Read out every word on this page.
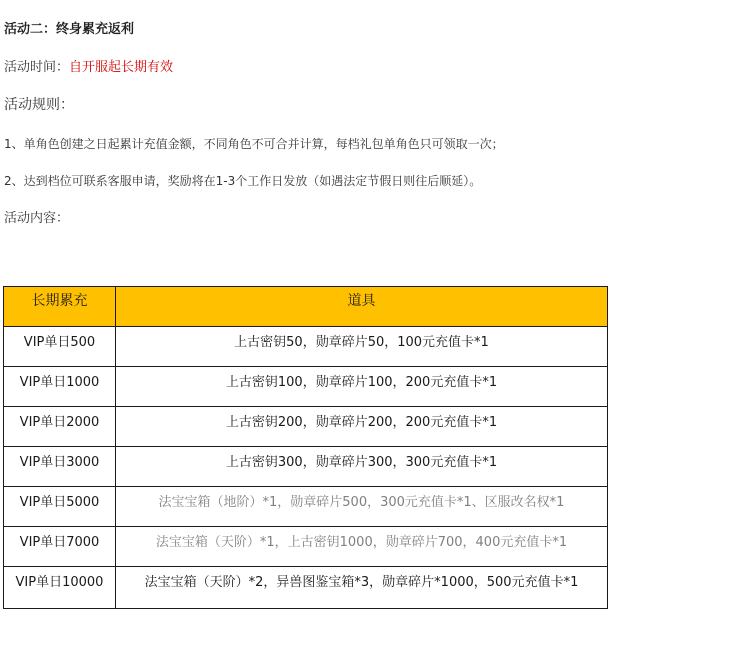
活动二：终身累充返利
活动时间：自开服起长期有效
活动规则：
1、单角色创建之日起累计充值金额，不同角色不可合并计算，每档礼包单角色只可领取一次；
2、达到档位可联系客服申请，奖励将在1-3个工作日发放（如遇法定节假日则往后顺延）。
活动内容：
长期累充	道具
VIP单日500	上古密钥50，勋章碎片50，100元充值卡*1
VIP单日1000	上古密钥100，勋章碎片100，200元充值卡*1
VIP单日2000	上古密钥200，勋章碎片200，200元充值卡*1
VIP单日3000	上古密钥300，勋章碎片300，300元充值卡*1
VIP单日5000	法宝宝箱（地阶）*1，勋章碎片500，300元充值卡*1、区服改名权*1
VIP单日7000	法宝宝箱（天阶）*1，上古密钥1000，勋章碎片700，400元充值卡*1
VIP单日10000	法宝宝箱（天阶）*2，异兽图鉴宝箱*3，勋章碎片*1000，500元充值卡*1
